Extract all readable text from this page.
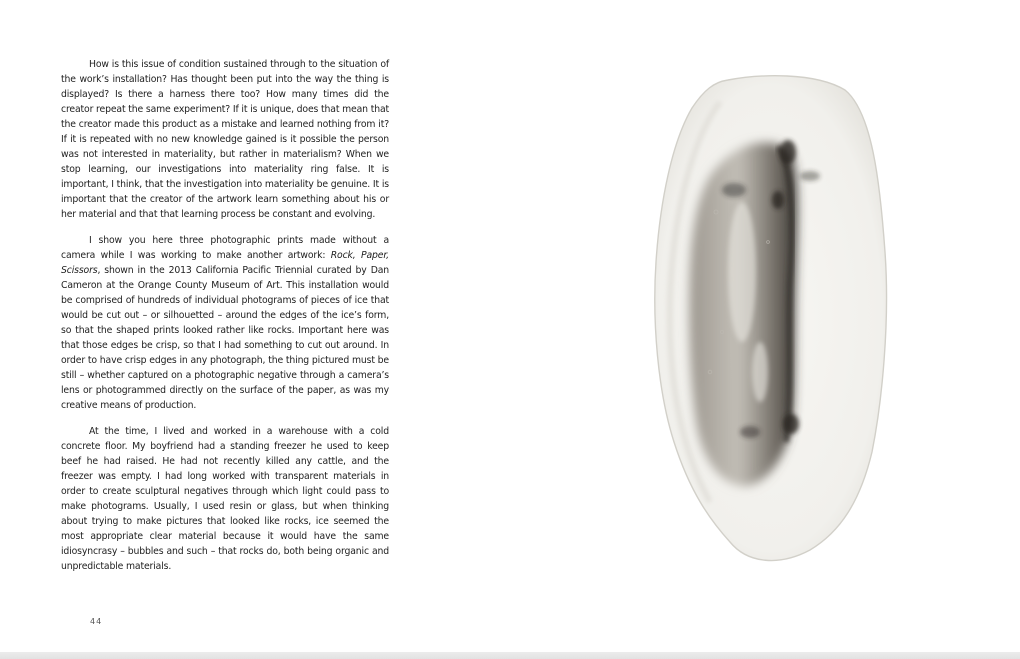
How is this issue of condition sustained through to the situation of the work’s installation? Has thought been put into the way the thing is displayed? Is there a harness there too? How many times did the creator repeat the same experiment? If it is unique, does that mean that the creator made this product as a mistake and learned nothing from it? If it is repeated with no new knowledge gained is it possible the person was not interested in materiality, but rather in materialism? When we stop learning, our investigations into materiality ring false. It is important, I think, that the investigation into materiality be genuine. It is important that the creator of the artwork learn something about his or her material and that that learning process be constant and evolving.

I show you here three photographic prints made without a camera while I was working to make another artwork: Rock, Paper, Scissors, shown in the 2013 California Pacific Triennial curated by Dan Cameron at the Orange County Museum of Art. This installation would be comprised of hundreds of individual photograms of pieces of ice that would be cut out – or silhouetted – around the edges of the ice’s form, so that the shaped prints looked rather like rocks. Important here was that those edges be crisp, so that I had something to cut out around. In order to have crisp edges in any photograph, the thing pictured must be still – whether captured on a photographic negative through a camera’s lens or photogrammed directly on the surface of the paper, as was my creative means of production.

At the time, I lived and worked in a warehouse with a cold concrete floor. My boyfriend had a standing freezer he used to keep beef he had raised. He had not recently killed any cattle, and the freezer was empty. I had long worked with transparent materials in order to create sculptural negatives through which light could pass to make photograms. Usually, I used resin or glass, but when thinking about trying to make pictures that looked like rocks, ice seemed the most appropriate clear material because it would have the same idiosyncrasy – bubbles and such – that rocks do, both being organic and unpredictable materials.

44
